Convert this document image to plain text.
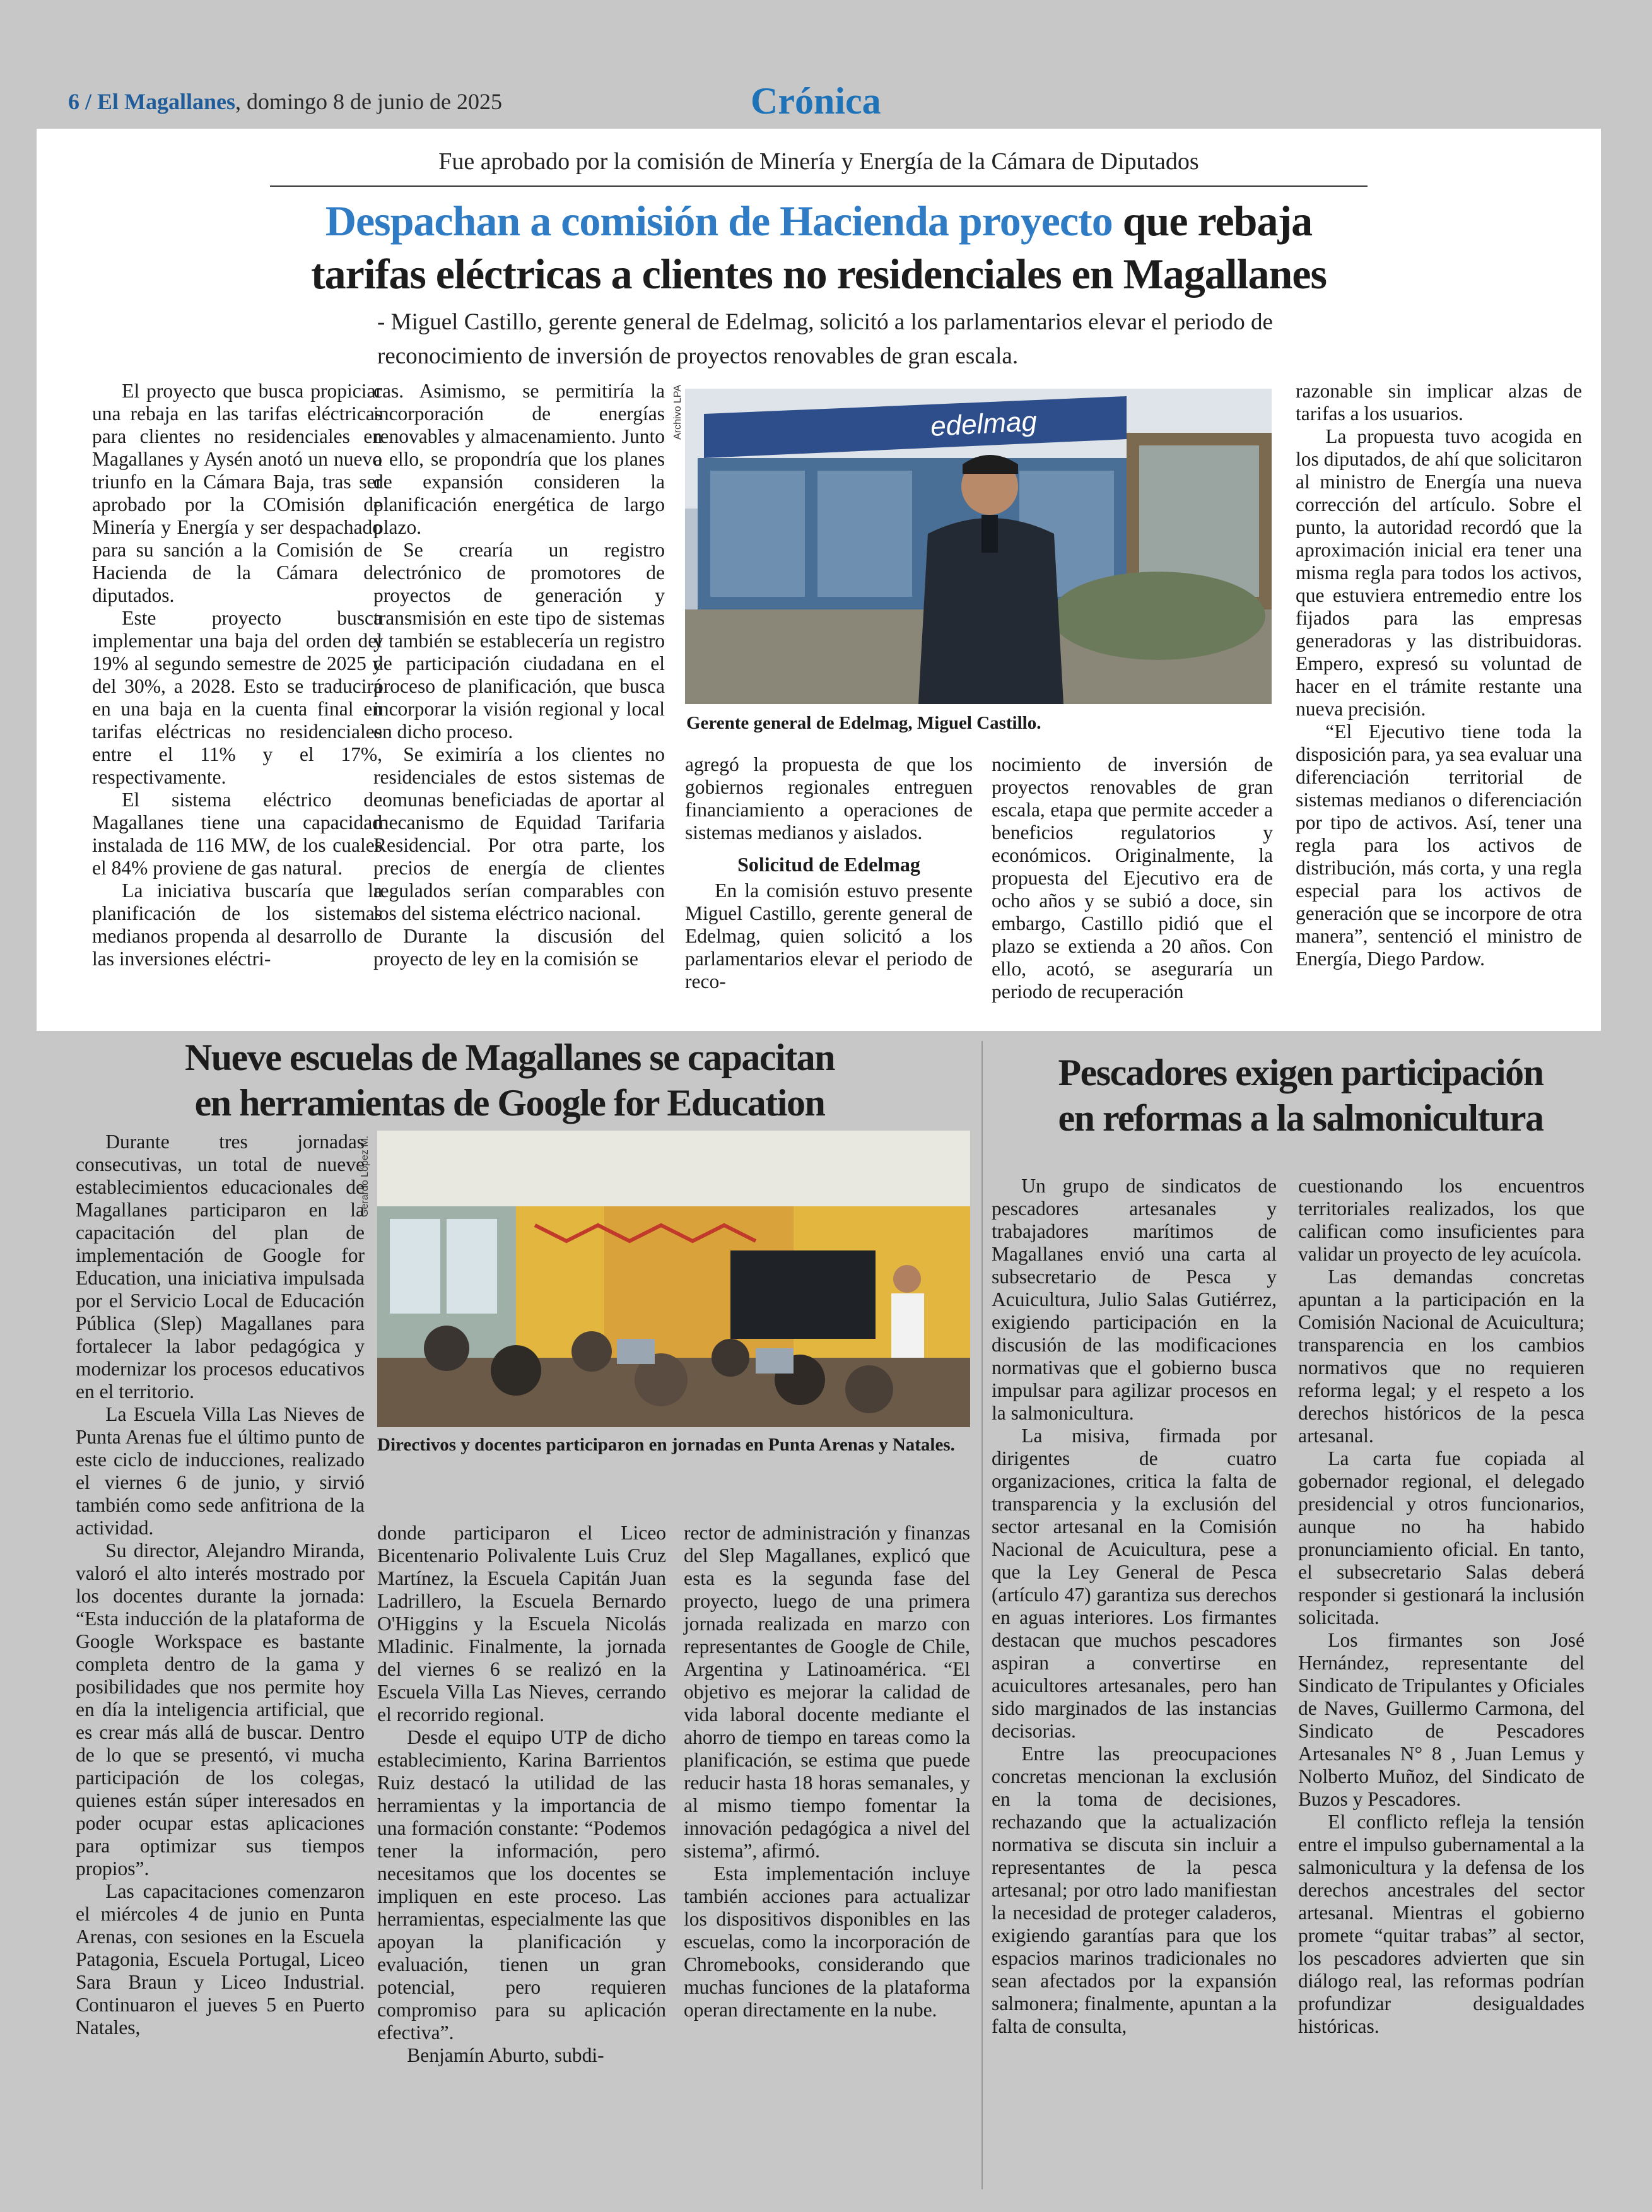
6 / El Magallanes, domingo 8 de junio de 2025	Crónica
Fue aprobado por la comisión de Minería y Energía de la Cámara de Diputados
Despachan a comisión de Hacienda proyecto que rebaja
tarifas eléctricas a clientes no residenciales en Magallanes
- Miguel Castillo, gerente general de Edelmag, solicitó a los parlamentarios elevar el periodo de reconocimiento de inversión de proyectos renovables de gran escala.

El proyecto que busca propiciar una rebaja en las tarifas eléctricas para clientes no residenciales en Magallanes y Aysén anotó un nuevo triunfo en la Cámara Baja, tras ser aprobado por la COmisión de Minería y Energía y ser despachado para su sanción a la Comisión de Hacienda de la Cámara de diputados.

Este proyecto busca implementar una baja del orden del 19% al segundo semestre de 2025 y del 30%, a 2028. Esto se traducirá en una baja en la cuenta final en tarifas eléctricas no residenciales entre el 11% y el 17%, respectivamente.

El sistema eléctrico de Magallanes tiene una capacidad instalada de 116 MW, de los cuales el 84% proviene de gas natural.

La iniciativa buscaría que la planificación de los sistemas medianos propenda al desarrollo de las inversiones eléctri-

cas. Asimismo, se permitiría la incorporación de energías renovables y almacenamiento. Junto a ello, se propondría que los planes de expansión consideren la planificación energética de largo plazo.

Se crearía un registro electrónico de promotores de proyectos de generación y transmisión en este tipo de sistemas y también se establecería un registro de participación ciudadana en el proceso de planificación, que busca incorporar la visión regional y local en dicho proceso.

Se eximiría a los clientes no residenciales de estos sistemas de comunas beneficiadas de aportar al mecanismo de Equidad Tarifaria Residencial. Por otra parte, los precios de energía de clientes regulados serían comparables con los del sistema eléctrico nacional.

Durante la discusión del proyecto de ley en la comisión se

Archivo LPA	edelmag
Gerente general de Edelmag, Miguel Castillo.

agregó la propuesta de que los gobiernos regionales entreguen financiamiento a operaciones de sistemas medianos y aislados.

Solicitud de Edelmag

En la comisión estuvo presente Miguel Castillo, gerente general de Edelmag, quien solicitó a los parlamentarios elevar el periodo de reco-

nocimiento de inversión de proyectos renovables de gran escala, etapa que permite acceder a beneficios regulatorios y económicos. Originalmente, la propuesta del Ejecutivo era de ocho años y se subió a doce, sin embargo, Castillo pidió que el plazo se extienda a 20 años. Con ello, acotó, se aseguraría un periodo de recuperación

razonable sin implicar alzas de tarifas a los usuarios.

La propuesta tuvo acogida en los diputados, de ahí que solicitaron al ministro de Energía una nueva corrección del artículo. Sobre el punto, la autoridad recordó que la aproximación inicial era tener una misma regla para todos los activos, que estuviera entremedio entre los fijados para las empresas generadoras y las distribuidoras. Empero, expresó su voluntad de hacer en el trámite restante una nueva precisión.

“El Ejecutivo tiene toda la disposición para, ya sea evaluar una diferenciación territorial de sistemas medianos o diferenciación por tipo de activos. Así, tener una regla para los activos de distribución, más corta, y una regla especial para los activos de generación que se incorpore de otra manera”, sentenció el ministro de Energía, Diego Pardow.

Nueve escuelas de Magallanes se capacitan
en herramientas de Google for Education
Gerardo López M.

Durante tres jornadas consecutivas, un total de nueve establecimientos educacionales de Magallanes participaron en la capacitación del plan de implementación de Google for Education, una iniciativa impulsada por el Servicio Local de Educación Pública (Slep) Magallanes para fortalecer la labor pedagógica y modernizar los procesos educativos en el territorio.

La Escuela Villa Las Nieves de Punta Arenas fue el último punto de este ciclo de inducciones, realizado el viernes 6 de junio, y sirvió también como sede anfitriona de la actividad.

Su director, Alejandro Miranda, valoró el alto interés mostrado por los docentes durante la jornada: “Esta inducción de la plataforma de Google Workspace es bastante completa dentro de la gama y posibilidades que nos permite hoy en día la inteligencia artificial, que es crear más allá de buscar. Dentro de lo que se presentó, vi mucha participación de los colegas, quienes están súper interesados en poder ocupar estas aplicaciones para optimizar sus tiempos propios”.

Las capacitaciones comenzaron el miércoles 4 de junio en Punta Arenas, con sesiones en la Escuela Patagonia, Escuela Portugal, Liceo Sara Braun y Liceo Industrial. Continuaron el jueves 5 en Puerto Natales,

Directivos y docentes participaron en jornadas en Punta Arenas y Natales.

donde participaron el Liceo Bicentenario Polivalente Luis Cruz Martínez, la Escuela Capitán Juan Ladrillero, la Escuela Bernardo O'Higgins y la Escuela Nicolás Mladinic. Finalmente, la jornada del viernes 6 se realizó en la Escuela Villa Las Nieves, cerrando el recorrido regional.

Desde el equipo UTP de dicho establecimiento, Karina Barrientos Ruiz destacó la utilidad de las herramientas y la importancia de una formación constante: “Podemos tener la información, pero necesitamos que los docentes se impliquen en este proceso. Las herramientas, especialmente las que apoyan la planificación y evaluación, tienen un gran potencial, pero requieren compromiso para su aplicación efectiva”.

Benjamín Aburto, subdi-

rector de administración y finanzas del Slep Magallanes, explicó que esta es la segunda fase del proyecto, luego de una primera jornada realizada en marzo con representantes de Google de Chile, Argentina y Latinoamérica. “El objetivo es mejorar la calidad de vida laboral docente mediante el ahorro de tiempo en tareas como la planificación, se estima que puede reducir hasta 18 horas semanales, y al mismo tiempo fomentar la innovación pedagógica a nivel del sistema”, afirmó.

Esta implementación incluye también acciones para actualizar los dispositivos disponibles en las escuelas, como la incorporación de Chromebooks, considerando que muchas funciones de la plataforma operan directamente en la nube.

Pescadores exigen participación
en reformas a la salmonicultura

Un grupo de sindicatos de pescadores artesanales y trabajadores marítimos de Magallanes envió una carta al subsecretario de Pesca y Acuicultura, Julio Salas Gutiérrez, exigiendo participación en la discusión de las modificaciones normativas que el gobierno busca impulsar para agilizar procesos en la salmonicultura.

La misiva, firmada por dirigentes de cuatro organizaciones, critica la falta de transparencia y la exclusión del sector artesanal en la Comisión Nacional de Acuicultura, pese a que la Ley General de Pesca (artículo 47) garantiza sus derechos en aguas interiores. Los firmantes destacan que muchos pescadores aspiran a convertirse en acuicultores artesanales, pero han sido marginados de las instancias decisorias.

Entre las preocupaciones concretas mencionan la exclusión en la toma de decisiones, rechazando que la actualización normativa se discuta sin incluir a representantes de la pesca artesanal; por otro lado manifiestan la necesidad de proteger caladeros, exigiendo garantías para que los espacios marinos tradicionales no sean afectados por la expansión salmonera; finalmente, apuntan a la falta de consulta,

cuestionando los encuentros territoriales realizados, los que califican como insuficientes para validar un proyecto de ley acuícola.

Las demandas concretas apuntan a la participación en la Comisión Nacional de Acuicultura; transparencia en los cambios normativos que no requieren reforma legal; y el respeto a los derechos históricos de la pesca artesanal.

La carta fue copiada al gobernador regional, el delegado presidencial y otros funcionarios, aunque no ha habido pronunciamiento oficial. En tanto, el subsecretario Salas deberá responder si gestionará la inclusión solicitada.

Los firmantes son José Hernández, representante del Sindicato de Tripulantes y Oficiales de Naves, Guillermo Carmona, del Sindicato de Pescadores Artesanales N° 8 , Juan Lemus y Nolberto Muñoz, del Sindicato de Buzos y Pescadores.

El conflicto refleja la tensión entre el impulso gubernamental a la salmonicultura y la defensa de los derechos ancestrales del sector artesanal. Mientras el gobierno promete “quitar trabas” al sector, los pescadores advierten que sin diálogo real, las reformas podrían profundizar desigualdades históricas.
